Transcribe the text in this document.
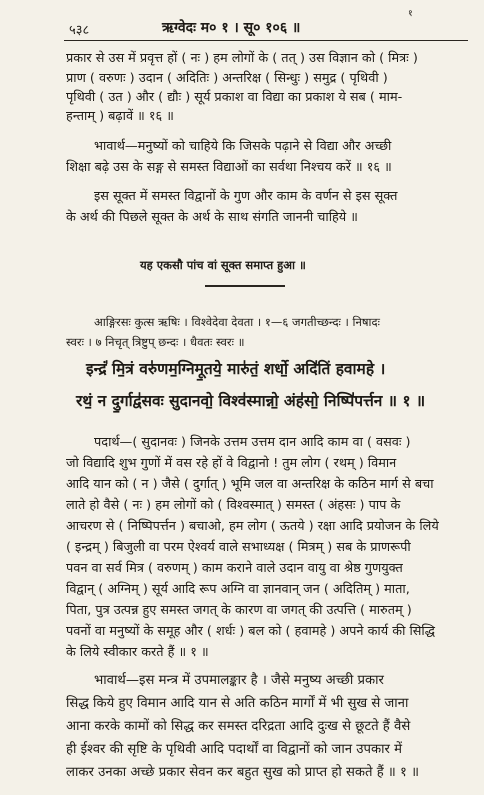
१
५३८	ऋग्वेदः म० १ । सू० १०६ ॥
प्रकार से उस में प्रवृत्त हों ( नः ) हम लोगों के ( तत् ) उस विज्ञान को ( मित्रः )
प्राण ( वरुणः ) उदान ( अदितिः ) अन्तरिक्ष ( सिन्धुः ) समुद्र ( पृथिवी )
पृथिवी ( उत ) और ( द्यौः ) सूर्य प्रकाश वा विद्या का प्रकाश ये सब ( माम-
हन्ताम् ) बढ़ावें ॥ १६ ॥
भावार्थ—मनुष्यों को चाहिये कि जिसके पढ़ाने से विद्या और अच्छी
शिक्षा बढ़े उस के सङ्ग से समस्त विद्याओं का सर्वथा निश्चय करें ॥ १६ ॥
इस सूक्त में समस्त विद्वानों के गुण और काम के वर्णन से इस सूक्त
के अर्थ की पिछले सूक्त के अर्थ के साथ संगति जाननी चाहिये ॥
यह एकसौ पांच वां सूक्त समाप्त हुआ ॥
आङ्गिरसः कुत्स ऋषिः । विश्वेदेवा देवता । १—६ जगतीच्छन्दः । निषादः
स्वरः । ७ निचृत् त्रिष्टुप् छन्दः । धैवतः स्वरः ॥
इन्द्रं॑ मि॒त्रं वरु॑णम॒ग्निमू॒तये॒ मारु॑तं॒ शर्धो॒ अदि॑तिं हवामहे ।
रथं॒ न दु॒र्गाद्व॑सवः सुदानवो॒ विश्व॑स्मान्नो॒ अंह॑सो॒ निष्पि॑पर्त्तन ॥ १ ॥
पदार्थ—( सुदानवः ) जिनके उत्तम उत्तम दान आदि काम वा ( वसवः )
जो विद्यादि शुभ गुणों में वस रहे हों वे विद्वानो ! तुम लोग ( रथम् ) विमान
आदि यान को ( न ) जैसे ( दुर्गात् ) भूमि जल वा अन्तरिक्ष के कठिन मार्ग से बचा
लाते हो वैसे ( नः ) हम लोगों को ( विश्वस्मात् ) समस्त ( अंहसः ) पाप के
आचरण से ( निष्पिपर्त्तन ) बचाओ, हम लोग ( ऊतये ) रक्षा आदि प्रयोजन के लिये
( इन्द्रम् ) बिजुली वा परम ऐश्वर्य वाले सभाध्यक्ष ( मित्रम् ) सब के प्राणरूपी
पवन वा सर्व मित्र ( वरुणम् ) काम कराने वाले उदान वायु वा श्रेष्ठ गुणयुक्त
विद्वान् ( अग्निम् ) सूर्य आदि रूप अग्नि वा ज्ञानवान् जन ( अदितिम् ) माता,
पिता, पुत्र उत्पन्न हुए समस्त जगत् के कारण वा जगत् की उत्पत्ति ( मारुतम् )
पवनों वा मनुष्यों के समूह और ( शर्धः ) बल को ( हवामहे ) अपने कार्य की सिद्धि
के लिये स्वीकार करते हैं ॥ १ ॥
भावार्थ—इस मन्त्र में उपमालङ्कार है । जैसे मनुष्य अच्छी प्रकार
सिद्ध किये हुए विमान आदि यान से अति कठिन मार्गों में भी सुख से जाना
आना करके कामों को सिद्ध कर समस्त दरिद्रता आदि दुःख से छूटते हैं वैसे
ही ईश्वर की सृष्टि के पृथिवी आदि पदार्थों वा विद्वानों को जान उपकार में
लाकर उनका अच्छे प्रकार सेवन कर बहुत सुख को प्राप्त हो सकते हैं ॥ १ ॥
